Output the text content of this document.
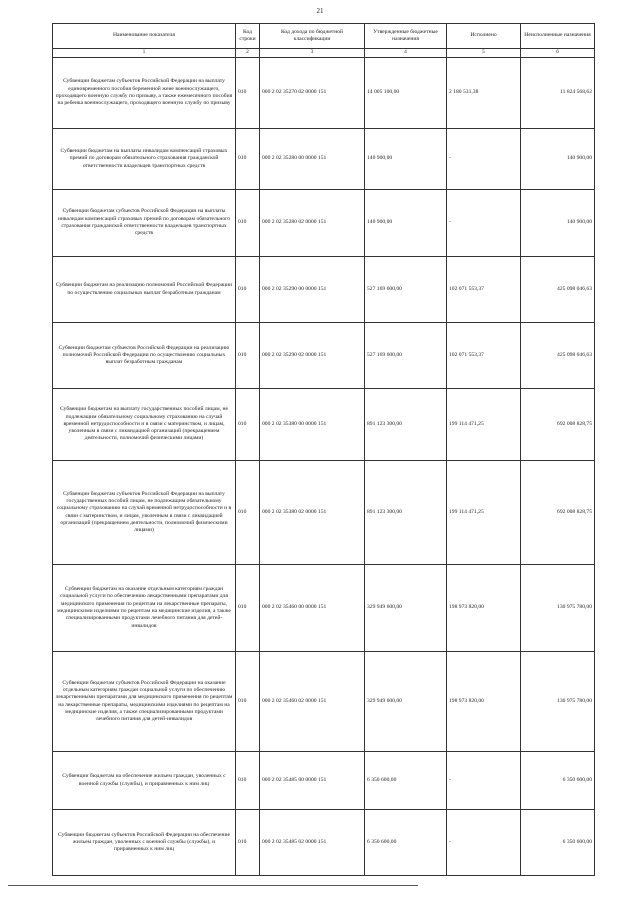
21
Наименование показателя	Код строки	Код дохода по бюджетной классификации	Утвержденные бюджетные назначения	Исполнено	Неисполненные назначения
1	2	3	4	5	6
Субвенции бюджетам субъектов Российской Федерации на выплату единовременного пособия беременной жене военнослужащего, проходящего военную службу по призыву, а также ежемесячного пособия на ребенка военнослужащего, проходящего военную службу по призыву	010	000 2 02 35270 02 0000 151	14 005 100,00	2 180 531,38	11 824 568,62
Субвенции бюджетам на выплаты инвалидам компенсаций страховых премий по договорам обязательного страхования гражданской ответственности владельцев транспортных средств	010	000 2 02 35280 00 0000 151	140 900,00	-	140 900,00
Субвенции бюджетам субъектов Российской Федерации на выплаты инвалидам компенсаций страховых премий по договорам обязательного страхования гражданской ответственности владельцев транспортных средств	010	000 2 02 35280 02 0000 151	140 900,00	-	140 900,00
Субвенции бюджетам на реализацию полномочий Российской Федерации по осуществлению социальных выплат безработным гражданам	010	000 2 02 35290 00 0000 151	527 169 600,00	102 071 553,37	425 098 046,63
Субвенции бюджетам субъектов Российской Федерации на реализацию полномочий Российской Федерации по осуществлению социальных выплат безработным гражданам	010	000 2 02 35290 02 0000 151	527 169 600,00	102 071 553,37	425 098 046,63
Субвенции бюджетам на выплату государственных пособий лицам, не подлежащим обязательному социальному страхованию на случай временной нетрудоспособности и в связи с материнством, и лицам, уволенным в связи с ликвидацией организаций (прекращением деятельности, полномочий физическими лицами)	010	000 2 02 35380 00 0000 151	891 123 300,00	199 114 471,25	692 008 828,75
Субвенции бюджетам субъектов Российской Федерации на выплату государственных пособий лицам, не подлежащим обязательному социальному страхованию на случай временной нетрудоспособности и в связи с материнством, и лицам, уволенным в связи с ликвидацией организаций (прекращением деятельности, полномочий физическими лицами)	010	000 2 02 35380 02 0000 151	891 123 300,00	199 114 471,25	692 008 828,75
Субвенции бюджетам на оказание отдельным категориям граждан социальной услуги по обеспечению лекарственными препаратами для медицинского применения по рецептам на лекарственные препараты, медицинскими изделиями по рецептам на медицинские изделия, а также специализированными продуктами лечебного питания для детей-инвалидов	010	000 2 02 35460 00 0000 151	329 949 600,00	198 973 820,00	130 975 780,00
Субвенции бюджетам субъектов Российской Федерации на оказание отдельным категориям граждан социальной услуги по обеспечению лекарственными препаратами для медицинского применения по рецептам на лекарственные препараты, медицинскими изделиями по рецептам на медицинские изделия, а также специализированными продуктами лечебного питания для детей-инвалидов	010	000 2 02 35460 02 0000 151	329 949 600,00	198 973 820,00	130 975 780,00
Субвенции бюджетам на обеспечение жильем граждан, уволенных с военной службы (службы), и приравненных к ним лиц	010	000 2 02 35485 00 0000 151	6 350 600,00	-	6 350 600,00
Субвенции бюджетам субъектов Российской Федерации на обеспечение жильем граждан, уволенных с военной службы (службы), и приравненных к ним лиц	010	000 2 02 35485 02 0000 151	6 350 600,00	-	6 350 600,00
